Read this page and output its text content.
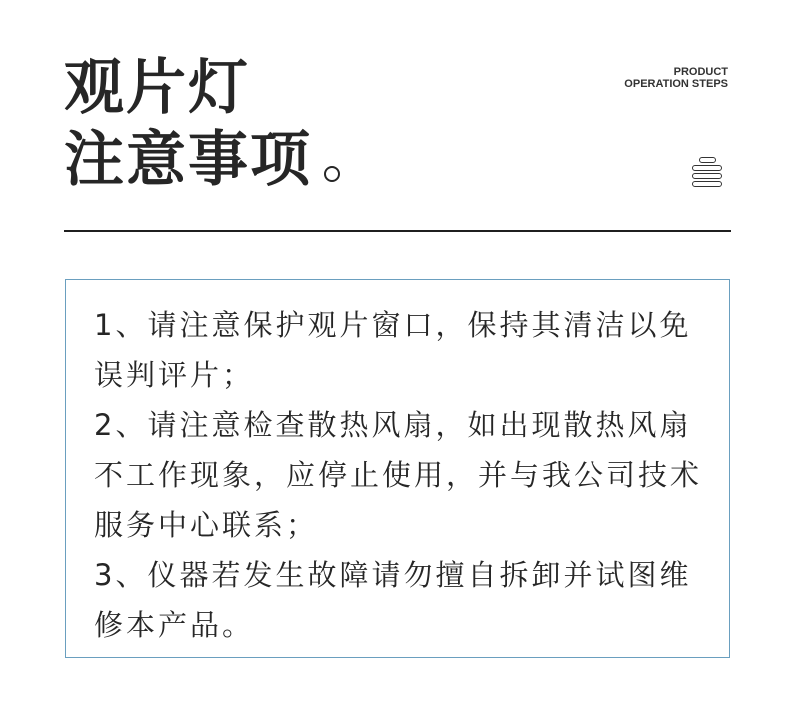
观片灯
注意事项
PRODUCT
OPERATION STEPS

1、请注意保护观片窗口，保持其清洁以免误判评片；
2、请注意检查散热风扇，如出现散热风扇不工作现象，应停止使用，并与我公司技术服务中心联系；
3、仪器若发生故障请勿擅自拆卸并试图维修本产品。
